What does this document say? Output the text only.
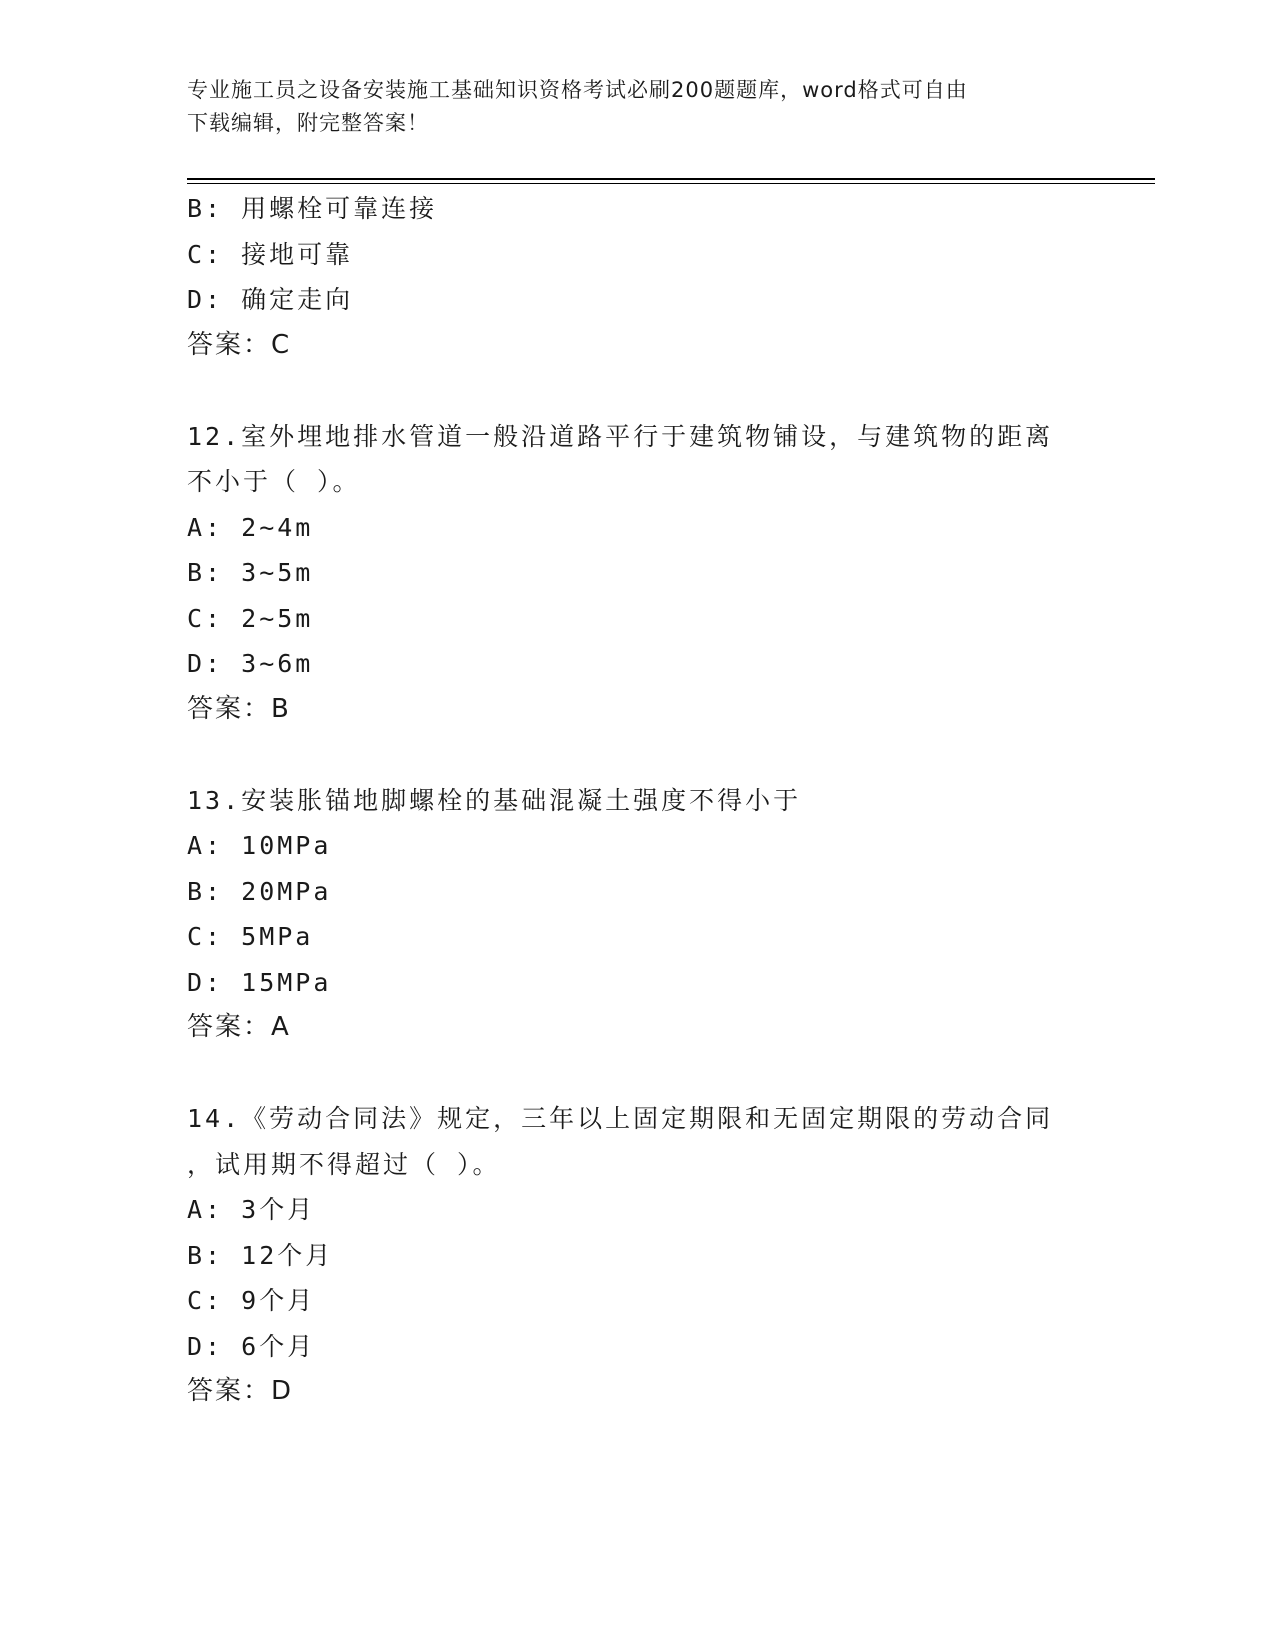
专业施工员之设备安装施工基础知识资格考试必刷200题题库，word格式可自由
下载编辑，附完整答案！
B: 用螺栓可靠连接
C: 接地可靠
D: 确定走向
答案：C
12.室外埋地排水管道一般沿道路平行于建筑物铺设，与建筑物的距离
不小于（ ）。
A: 2~4m
B: 3~5m
C: 2~5m
D: 3~6m
答案：B
13.安装胀锚地脚螺栓的基础混凝土强度不得小于
A: 10MPa
B: 20MPa
C: 5MPa
D: 15MPa
答案：A
14.《劳动合同法》规定，三年以上固定期限和无固定期限的劳动合同
，试用期不得超过（ ）。
A: 3个月
B: 12个月
C: 9个月
D: 6个月
答案：D
